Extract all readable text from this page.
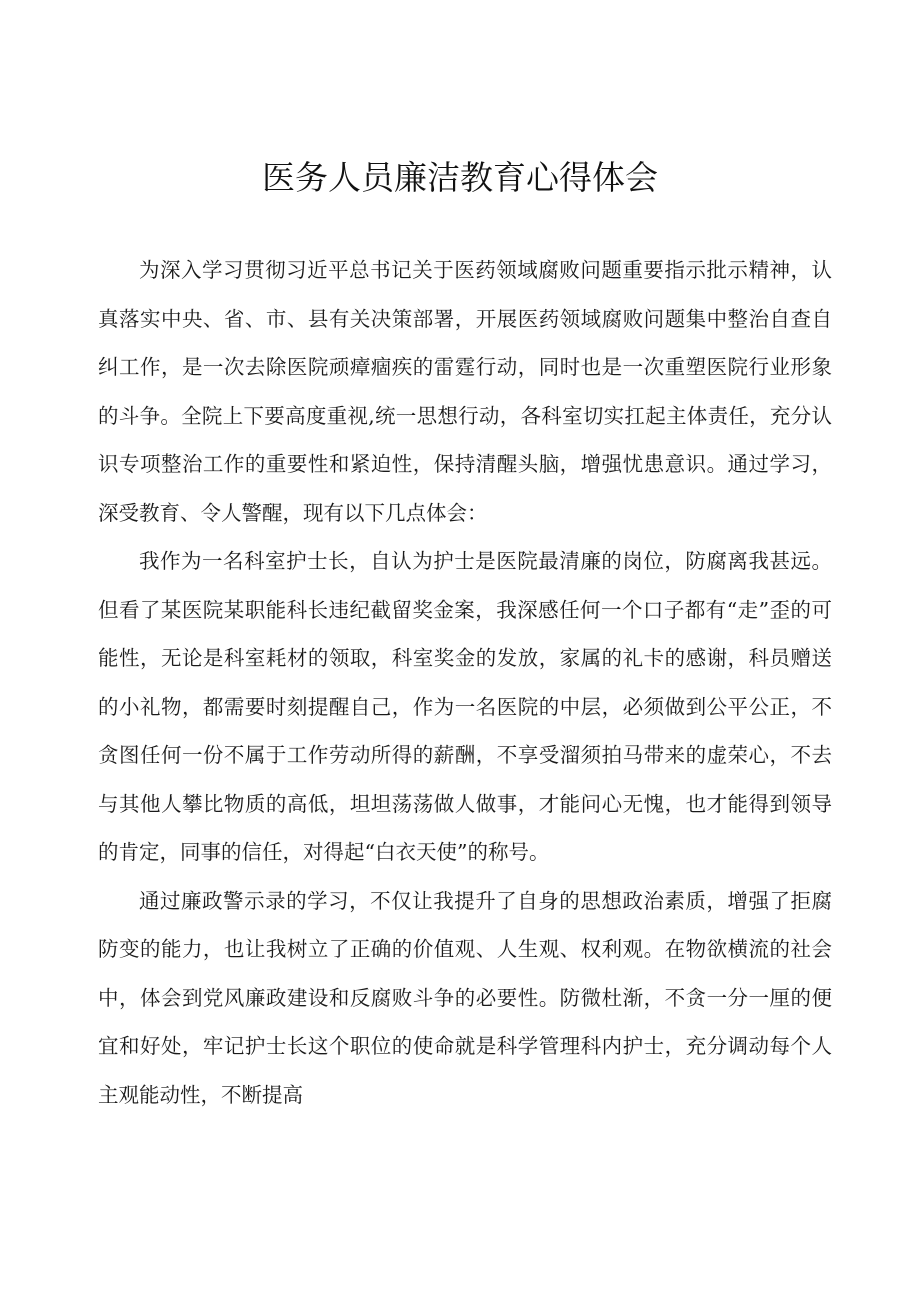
医务人员廉洁教育心得体会

为深入学习贯彻习近平总书记关于医药领域腐败问题重要指示批示精神，认真落实中央、省、市、县有关决策部署，开展医药领域腐败问题集中整治自查自纠工作，是一次去除医院顽瘴痼疾的雷霆行动，同时也是一次重塑医院行业形象的斗争。全院上下要高度重视,统一思想行动，各科室切实扛起主体责任，充分认识专项整治工作的重要性和紧迫性，保持清醒头脑，增强忧患意识。通过学习，深受教育、令人警醒，现有以下几点体会：

我作为一名科室护士长，自认为护士是医院最清廉的岗位，防腐离我甚远。但看了某医院某职能科长违纪截留奖金案，我深感任何一个口子都有“走”歪的可能性，无论是科室耗材的领取，科室奖金的发放，家属的礼卡的感谢，科员赠送的小礼物，都需要时刻提醒自己，作为一名医院的中层，必须做到公平公正，不贪图任何一份不属于工作劳动所得的薪酬，不享受溜须拍马带来的虚荣心，不去与其他人攀比物质的高低，坦坦荡荡做人做事，才能问心无愧，也才能得到领导的肯定，同事的信任，对得起“白衣天使”的称号。

通过廉政警示录的学习，不仅让我提升了自身的思想政治素质，增强了拒腐防变的能力，也让我树立了正确的价值观、人生观、权利观。在物欲横流的社会中，体会到党风廉政建设和反腐败斗争的必要性。防微杜渐，不贪一分一厘的便宜和好处，牢记护士长这个职位的使命就是科学管理科内护士，充分调动每个人主观能动性，不断提高
